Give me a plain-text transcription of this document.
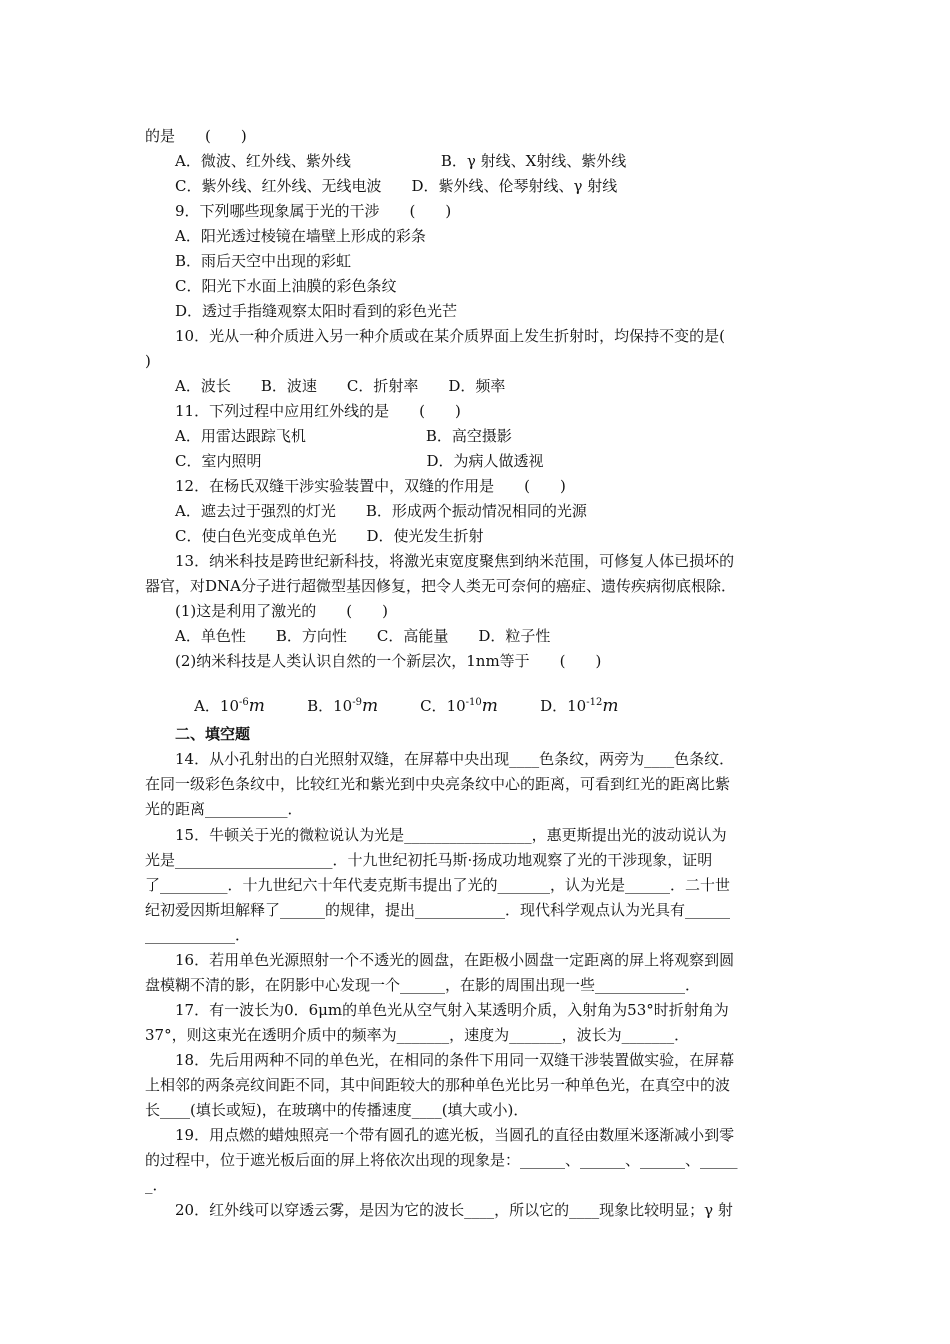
的是　　(　　)
A．微波、红外线、紫外线　　　　　　B．γ 射线、X射线、紫外线
C．紫外线、红外线、无线电波　　D．紫外线、伦琴射线、γ 射线
9．下列哪些现象属于光的干涉　　(　　)
A．阳光透过棱镜在墙壁上形成的彩条
B．雨后天空中出现的彩虹
C．阳光下水面上油膜的彩色条纹
D．透过手指缝观察太阳时看到的彩色光芒
10．光从一种介质进入另一种介质或在某介质界面上发生折射时，均保持不变的是(
)
A．波长　　B．波速　　C．折射率　　D．频率
11．下列过程中应用红外线的是　　(　　)
A．用雷达跟踪飞机　　　　　　　　B．高空摄影
C．室内照明　　　　　　　　　　　D．为病人做透视
12．在杨氏双缝干涉实验装置中，双缝的作用是　　(　　)
A．遮去过于强烈的灯光　　B．形成两个振动情况相同的光源
C．使白色光变成单色光　　D．使光发生折射
13．纳米科技是跨世纪新科技，将激光束宽度聚焦到纳米范围，可修复人体已损坏的
器官，对DNA分子进行超微型基因修复，把令人类无可奈何的癌症、遗传疾病彻底根除．
(1)这是利用了激光的　　(　　)
A．单色性　　B．方向性　　C．高能量　　D．粒子性
(2)纳米科技是人类认识自然的一个新层次，1nm等于　　(　　)

A．$10^{-6}m$	B．$10^{-9}m$	C．$10^{-10}m$	D．$10^{-12}m$

二、填空题
14．从小孔射出的白光照射双缝，在屏幕中央出现____色条纹，两旁为____色条纹．
在同一级彩色条纹中，比较红光和紫光到中央亮条纹中心的距离，可看到红光的距离比紫
光的距离___________．
15．牛顿关于光的微粒说认为光是_________________，惠更斯提出光的波动说认为
光是_____________________．十九世纪初托马斯·扬成功地观察了光的干涉现象，证明
了_________．十九世纪六十年代麦克斯韦提出了光的_______，认为光是______．二十世
纪初爱因斯坦解释了______的规律，提出____________．现代科学观点认为光具有______
____________．
16．若用单色光源照射一个不透光的圆盘，在距极小圆盘一定距离的屏上将观察到圆
盘模糊不清的影，在阴影中心发现一个______，在影的周围出现一些____________．
17．有一波长为0．6μm的单色光从空气射入某透明介质，入射角为53°时折射角为
37°，则这束光在透明介质中的频率为_______，速度为_______，波长为_______．
18．先后用两种不同的单色光，在相同的条件下用同一双缝干涉装置做实验，在屏幕
上相邻的两条亮纹间距不同，其中间距较大的那种单色光比另一种单色光，在真空中的波
长____(填长或短)，在玻璃中的传播速度____(填大或小)．
19．用点燃的蜡烛照亮一个带有圆孔的遮光板，当圆孔的直径由数厘米逐渐减小到零
的过程中，位于遮光板后面的屏上将依次出现的现象是：______、______、______、_____
_．
20．红外线可以穿透云雾，是因为它的波长____，所以它的____现象比较明显；γ 射
